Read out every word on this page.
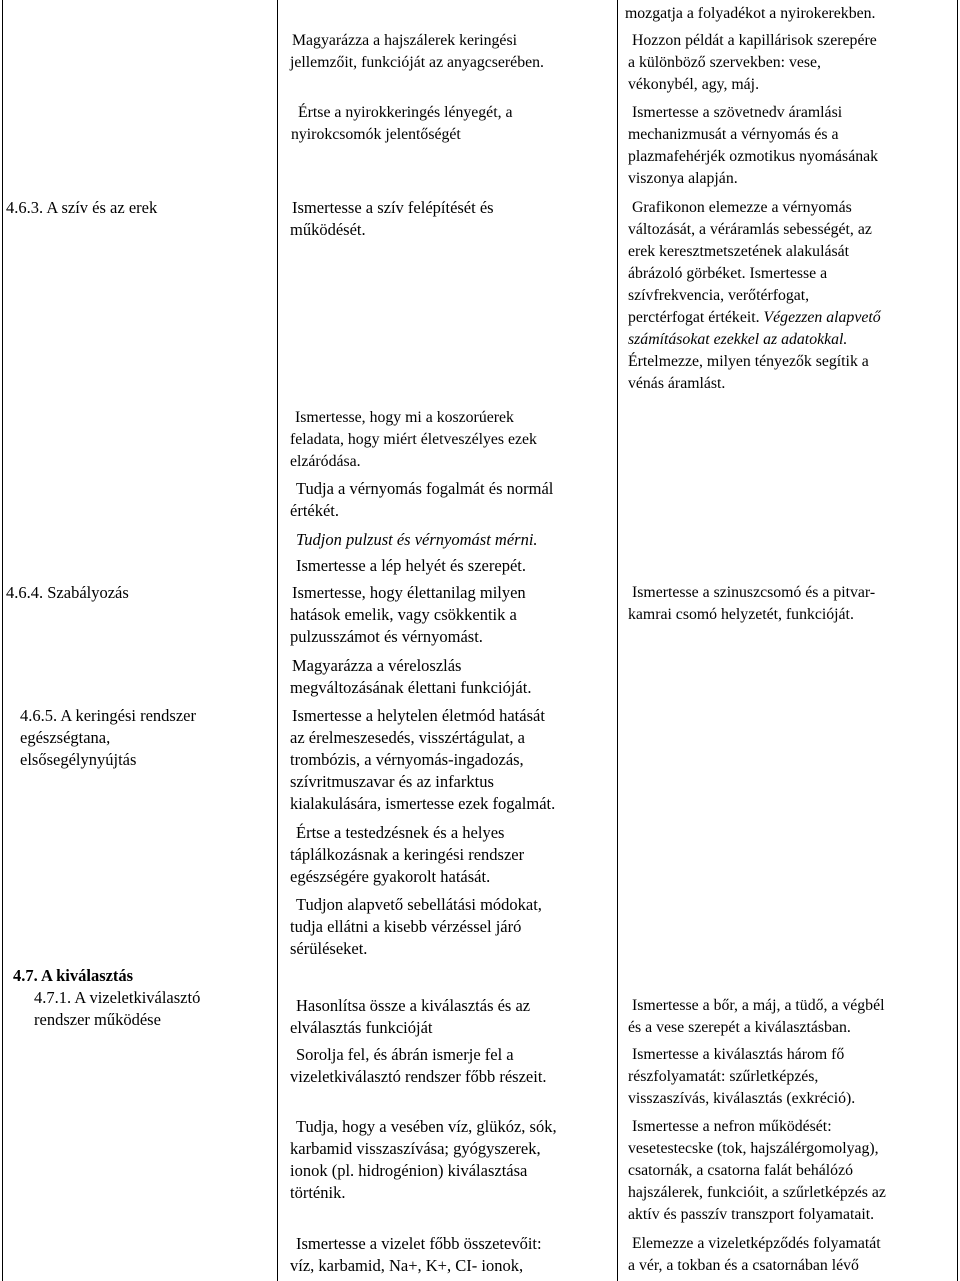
4.6.3. A szív és az erek
4.6.4. Szabályozás
4.6.5. A keringési rendszer
egészségtana,
elsősegélynyújtás
4.7. A kiválasztás
4.7.1. A vizeletkiválasztó
rendszer működése
Magyarázza a hajszálerek keringési
jellemzőit, funkcióját az anyagcserében.
Értse a nyirokkeringés lényegét, a
nyirokcsomók jelentőségét
Ismertesse a szív felépítését és
működését.
Ismertesse, hogy mi a koszorúerek
feladata, hogy miért életveszélyes ezek
elzáródása.
Tudja a vérnyomás fogalmát és normál
értékét.
Tudjon pulzust és vérnyomást mérni.
Ismertesse a lép helyét és szerepét.
Ismertesse, hogy élettanilag milyen
hatások emelik, vagy csökkentik a
pulzusszámot és vérnyomást.
Magyarázza a véreloszlás
megváltozásának élettani funkcióját.
Ismertesse a helytelen életmód hatását
az érelmeszesedés, visszértágulat, a
trombózis, a vérnyomás-ingadozás,
szívritmuszavar és az infarktus
kialakulására, ismertesse ezek fogalmát.
Értse a testedzésnek és a helyes
táplálkozásnak a keringési rendszer
egészségére gyakorolt hatását.
Tudjon alapvető sebellátási módokat,
tudja ellátni a kisebb vérzéssel járó
sérüléseket.
Hasonlítsa össze a kiválasztás és az
elválasztás funkcióját
Sorolja fel, és ábrán ismerje fel a
vizeletkiválasztó rendszer főbb részeit.
Tudja, hogy a vesében víz, glükóz, sók,
karbamid visszaszívása; gyógyszerek,
ionok (pl. hidrogénion) kiválasztása
történik.
Ismertesse a vizelet főbb összetevőit:
víz, karbamid, Na+, K+, CI- ionok,
mozgatja a folyadékot a nyirokerekben.
Hozzon példát a kapillárisok szerepére
a különböző szervekben: vese,
vékonybél, agy, máj.
Ismertesse a szövetnedv áramlási
mechanizmusát a vérnyomás és a
plazmafehérjék ozmotikus nyomásának
viszonya alapján.
Grafikonon elemezze a vérnyomás
változását, a véráramlás sebességét, az
erek keresztmetszetének alakulását
ábrázoló görbéket. Ismertesse a
szívfrekvencia, verőtérfogat,
perctérfogat értékeit. Végezzen alapvető
számításokat ezekkel az adatokkal.
Értelmezze, milyen tényezők segítik a
vénás áramlást.
Ismertesse a szinuszcsomó és a pitvar-
kamrai csomó helyzetét, funkcióját.
Ismertesse a bőr, a máj, a tüdő, a végbél
és a vese szerepét a kiválasztásban.
Ismertesse a kiválasztás három fő
részfolyamatát: szűrletképzés,
visszaszívás, kiválasztás (exkréció).
Ismertesse a nefron működését:
vesetestecske (tok, hajszálérgomolyag),
csatornák, a csatorna falát behálózó
hajszálerek, funkcióit, a szűrletképzés az
aktív és passzív transzport folyamatait.
Elemezze a vizeletképződés folyamatát
a vér, a tokban és a csatornában lévő
